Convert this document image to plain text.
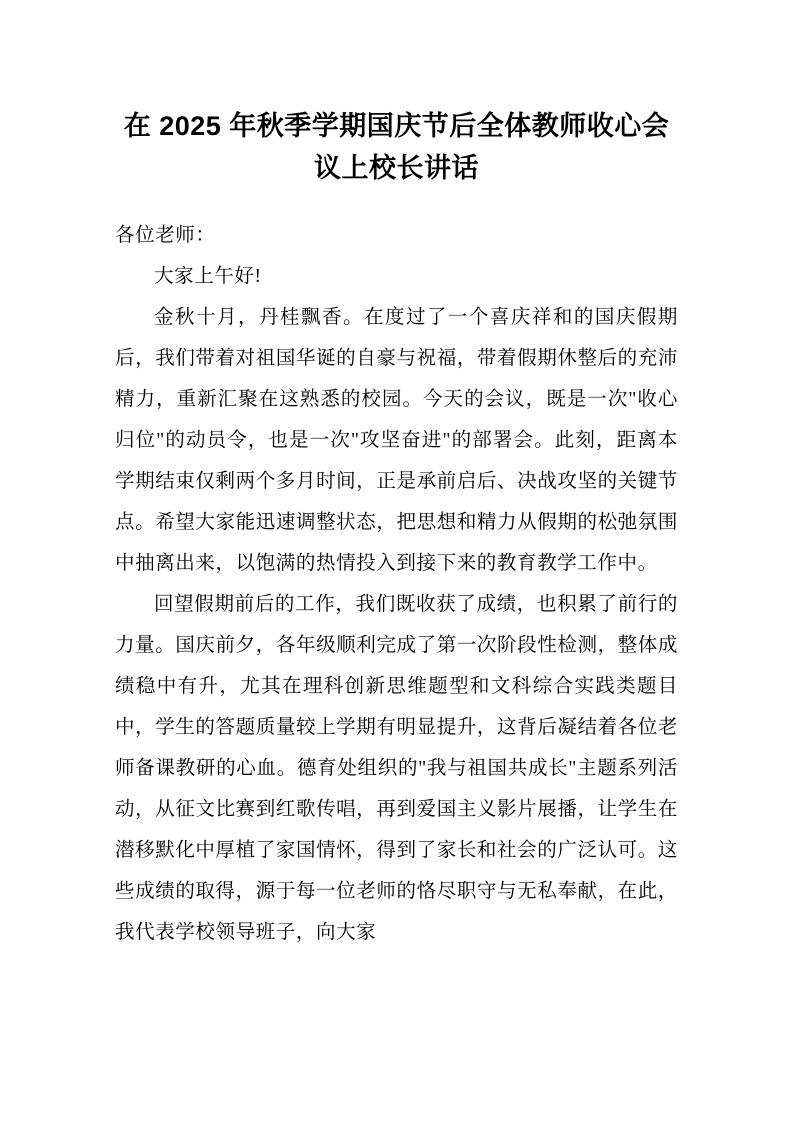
在 2025 年秋季学期国庆节后全体教师收心会议上校长讲话

各位老师：

大家上午好!

金秋十月，丹桂飘香。在度过了一个喜庆祥和的国庆假期后，我们带着对祖国华诞的自豪与祝福，带着假期休整后的充沛精力，重新汇聚在这熟悉的校园。今天的会议，既是一次"收心归位"的动员令，也是一次"攻坚奋进"的部署会。此刻，距离本学期结束仅剩两个多月时间，正是承前启后、决战攻坚的关键节点。希望大家能迅速调整状态，把思想和精力从假期的松弛氛围中抽离出来，以饱满的热情投入到接下来的教育教学工作中。

回望假期前后的工作，我们既收获了成绩，也积累了前行的力量。国庆前夕，各年级顺利完成了第一次阶段性检测，整体成绩稳中有升，尤其在理科创新思维题型和文科综合实践类题目中，学生的答题质量较上学期有明显提升，这背后凝结着各位老师备课教研的心血。德育处组织的"我与祖国共成长"主题系列活动，从征文比赛到红歌传唱，再到爱国主义影片展播，让学生在潜移默化中厚植了家国情怀，得到了家长和社会的广泛认可。这些成绩的取得，源于每一位老师的恪尽职守与无私奉献，在此，我代表学校领导班子，向大家
